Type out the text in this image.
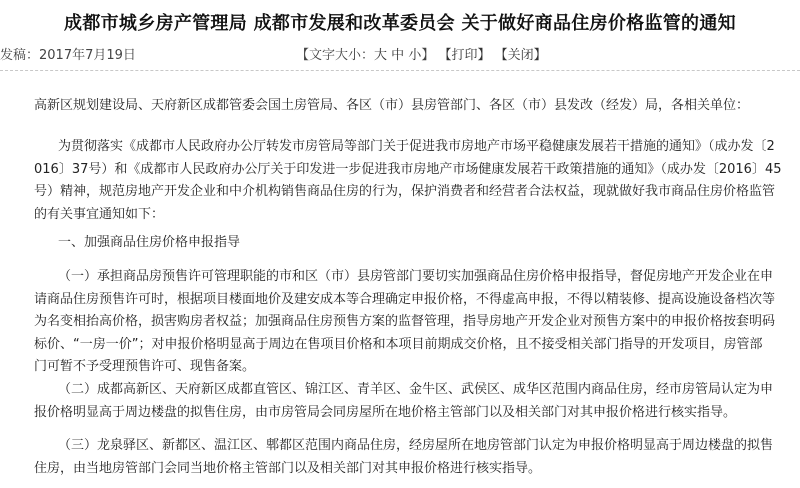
成都市城乡房产管理局 成都市发展和改革委员会 关于做好商品住房价格监管的通知
发稿：2017年7月19日	【文字大小：大 中 小】 【打印】 【关闭】
高新区规划建设局、天府新区成都管委会国土房管局、各区（市）县房管部门、各区（市）县发改（经发）局，各相关单位：
为贯彻落实《成都市人民政府办公厅转发市房管局等部门关于促进我市房地产市场平稳健康发展若干措施的通知》（成办发〔2
016〕37号）和《成都市人民政府办公厅关于印发进一步促进我市房地产市场健康发展若干政策措施的通知》（成办发〔2016〕45
号）精神，规范房地产开发企业和中介机构销售商品住房的行为，保护消费者和经营者合法权益，现就做好我市商品住房价格监管
的有关事宜通知如下：
一、加强商品住房价格申报指导
（一）承担商品房预售许可管理职能的市和区（市）县房管部门要切实加强商品住房价格申报指导，督促房地产开发企业在申
请商品住房预售许可时，根据项目楼面地价及建安成本等合理确定申报价格，不得虚高申报，不得以精装修、提高设施设备档次等
为名变相抬高价格，损害购房者权益；加强商品住房预售方案的监督管理，指导房地产开发企业对预售方案中的申报价格按套明码
标价、“一房一价”；对申报价格明显高于周边在售项目价格和本项目前期成交价格，且不接受相关部门指导的开发项目，房管部
门可暂不予受理预售许可、现售备案。
（二）成都高新区、天府新区成都直管区、锦江区、青羊区、金牛区、武侯区、成华区范围内商品住房，经市房管局认定为申
报价格明显高于周边楼盘的拟售住房，由市房管局会同房屋所在地价格主管部门以及相关部门对其申报价格进行核实指导。
（三）龙泉驿区、新都区、温江区、郫都区范围内商品住房，经房屋所在地房管部门认定为申报价格明显高于周边楼盘的拟售
住房，由当地房管部门会同当地价格主管部门以及相关部门对其申报价格进行核实指导。
